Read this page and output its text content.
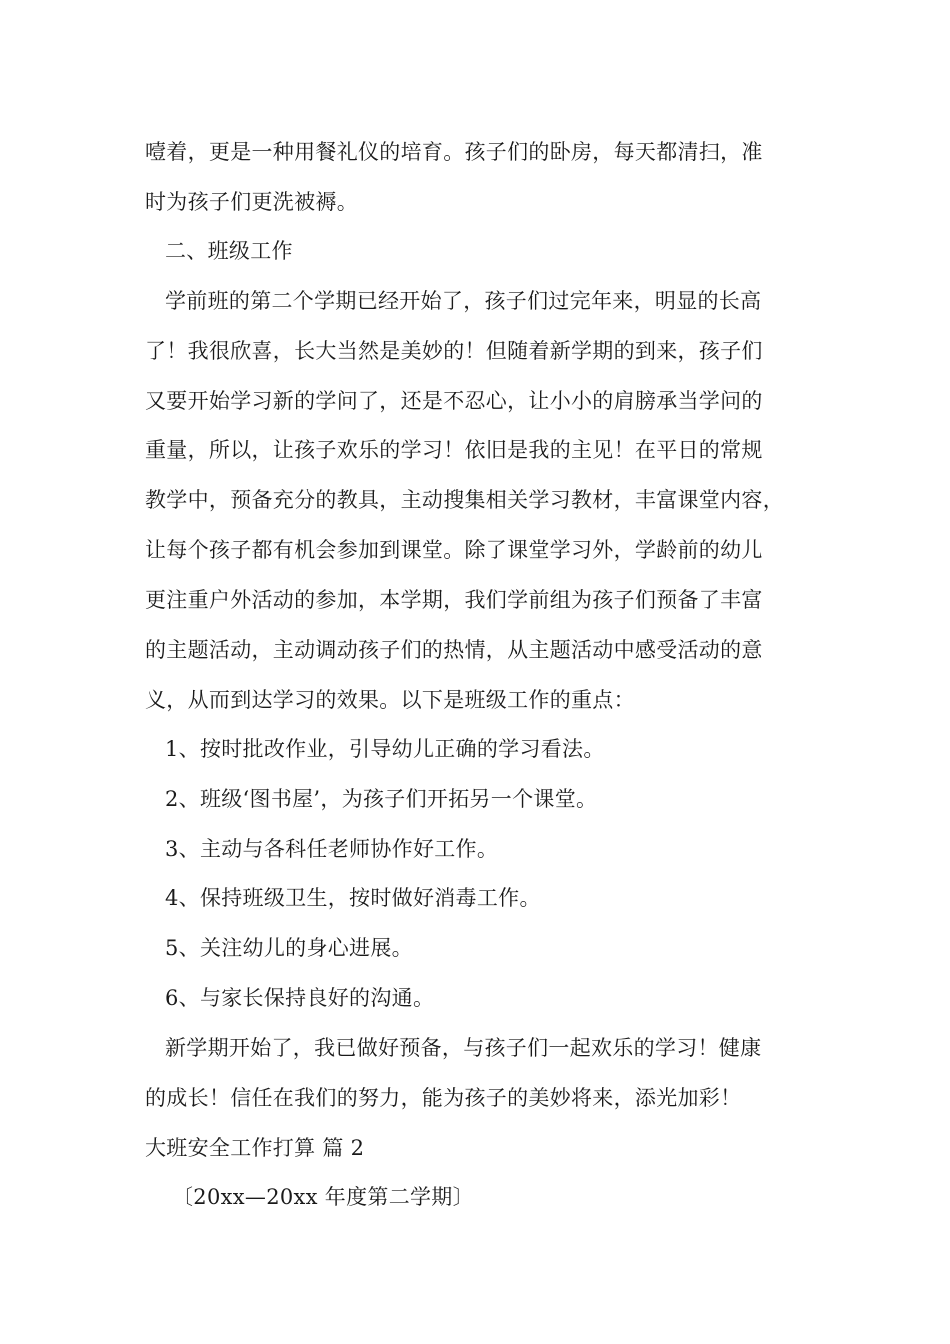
噎着，更是一种用餐礼仪的培育。孩子们的卧房，每天都清扫，准
时为孩子们更洗被褥。
二、班级工作
学前班的第二个学期已经开始了，孩子们过完年来，明显的长高
了！我很欣喜，长大当然是美妙的！但随着新学期的到来，孩子们
又要开始学习新的学问了，还是不忍心，让小小的肩膀承当学问的
重量，所以，让孩子欢乐的学习！依旧是我的主见！在平日的常规
教学中，预备充分的教具，主动搜集相关学习教材，丰富课堂内容，
让每个孩子都有机会参加到课堂。除了课堂学习外，学龄前的幼儿
更注重户外活动的参加，本学期，我们学前组为孩子们预备了丰富
的主题活动，主动调动孩子们的热情，从主题活动中感受活动的意
义，从而到达学习的效果。以下是班级工作的重点：
1、按时批改作业，引导幼儿正确的学习看法。
2、班级‘图书屋’，为孩子们开拓另一个课堂。
3、主动与各科任老师协作好工作。
4、保持班级卫生，按时做好消毒工作。
5、关注幼儿的身心进展。
6、与家长保持良好的沟通。
新学期开始了，我已做好预备，与孩子们一起欢乐的学习！健康
的成长！信任在我们的努力，能为孩子的美妙将来，添光加彩！
大班安全工作打算 篇 2
〔20xx—20xx 年度第二学期〕
